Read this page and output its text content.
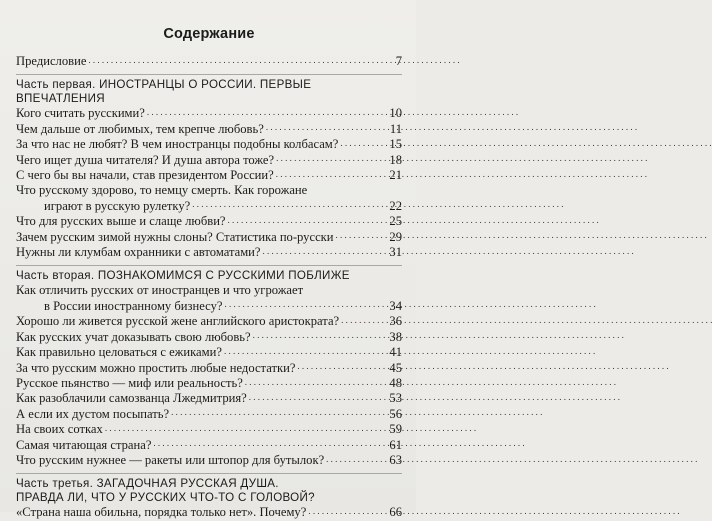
Содержание
Предисловие . . .	7
Часть первая. ИНОСТРАНЦЫ О РОССИИ. ПЕРВЫЕ
ВПЕЧАТЛЕНИЯ
Кого считать русскими? . . .	10
Чем дальше от любимых, тем крепче любовь? . . .	11
За что нас не любят? В чем иностранцы подобны колбасам? . . .	15
Чего ищет душа читателя? И душа автора тоже? . . .	18
С чего бы вы начали, став президентом России? . . .	21
Что русскому здорово, то немцу смерть. Как горожане
играют в русскую рулетку? . . .	22
Что для русских выше и слаще любви? . . .	25
Зачем русским зимой нужны слоны? Статистика по-русски . . .	29
Нужны ли клумбам охранники с автоматами? . . .	31
Часть вторая. ПОЗНАКОМИМСЯ С РУССКИМИ ПОБЛИЖЕ
Как отличить русских от иностранцев и что угрожает
в России иностранному бизнесу? . . .	34
Хорошо ли живется русской жене английского аристократа? . . .	36
Как русских учат доказывать свою любовь? . . .	38
Как правильно целоваться с ежиками? . . .	41
За что русским можно простить любые недостатки? . . .	45
Русское пьянство — миф или реальность? . . .	48
Как разоблачили самозванца Лжедмитрия? . . .	53
А если их дустом посыпать? . . .	56
На своих сотках . . .	59
Самая читающая страна? . . .	61
Что русским нужнее — ракеты или штопор для бутылок? . . .	63
Часть третья. ЗАГАДОЧНАЯ РУССКАЯ ДУША.
ПРАВДА ЛИ, ЧТО У РУССКИХ ЧТО-ТО С ГОЛОВОЙ?
«Страна наша обильна, порядка только нет». Почему? . . .	66
